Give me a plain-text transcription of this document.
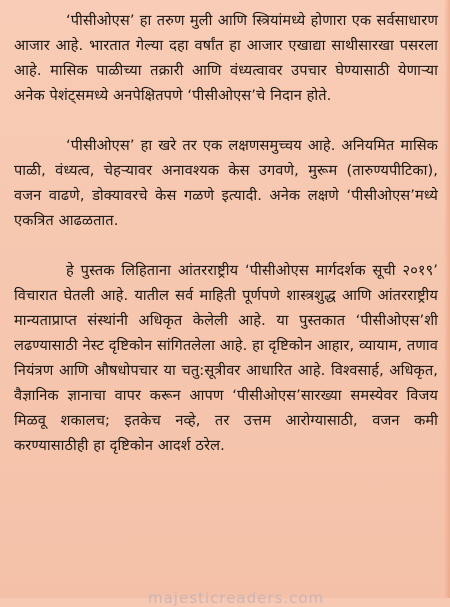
‘पीसीओएस’ हा तरुण मुली आणि स्त्रियांमध्ये होणारा एक सर्वसाधारण आजार आहे. भारतात गेल्या दहा वर्षांत हा आजार एखाद्या साथीसारखा पसरला आहे. मासिक पाळीच्या तक्रारी आणि वंध्यत्वावर उपचार घेण्यासाठी येणाऱ्या अनेक पेशंट्समध्ये अनपेक्षितपणे ‘पीसीओएस’चे निदान होते.

‘पीसीओएस’ हा खरे तर एक लक्षणसमुच्चय आहे. अनियमित मासिक पाळी, वंध्यत्व, चेहऱ्यावर अनावश्यक केस उगवणे, मुरूम (तारुण्यपीटिका), वजन वाढणे, डोक्यावरचे केस गळणे इत्यादी. अनेक लक्षणे ‘पीसीओएस’मध्ये एकत्रित आढळतात.

हे पुस्तक लिहिताना आंतरराष्ट्रीय ‘पीसीओएस मार्गदर्शक सूची २०१९’ विचारात घेतली आहे. यातील सर्व माहिती पूर्णपणे शास्त्रशुद्ध आणि आंतरराष्ट्रीय मान्यताप्राप्त संस्थांनी अधिकृत केलेली आहे. या पुस्तकात ‘पीसीओएस’शी लढण्यासाठी नेस्ट दृष्टिकोन सांगितलेला आहे. हा दृष्टिकोन आहार, व्यायाम, तणाव नियंत्रण आणि औषधोपचार या चतु:सूत्रीवर आधारित आहे. विश्वसार्ह, अधिकृत, वैज्ञानिक ज्ञानाचा वापर करून आपण ‘पीसीओएस’सारख्या समस्येवर विजय मिळवू शकालच; इतकेच नव्हे, तर उत्तम आरोग्यासाठी, वजन कमी करण्यासाठीही हा दृष्टिकोन आदर्श ठरेल.

majesticreaders.com
